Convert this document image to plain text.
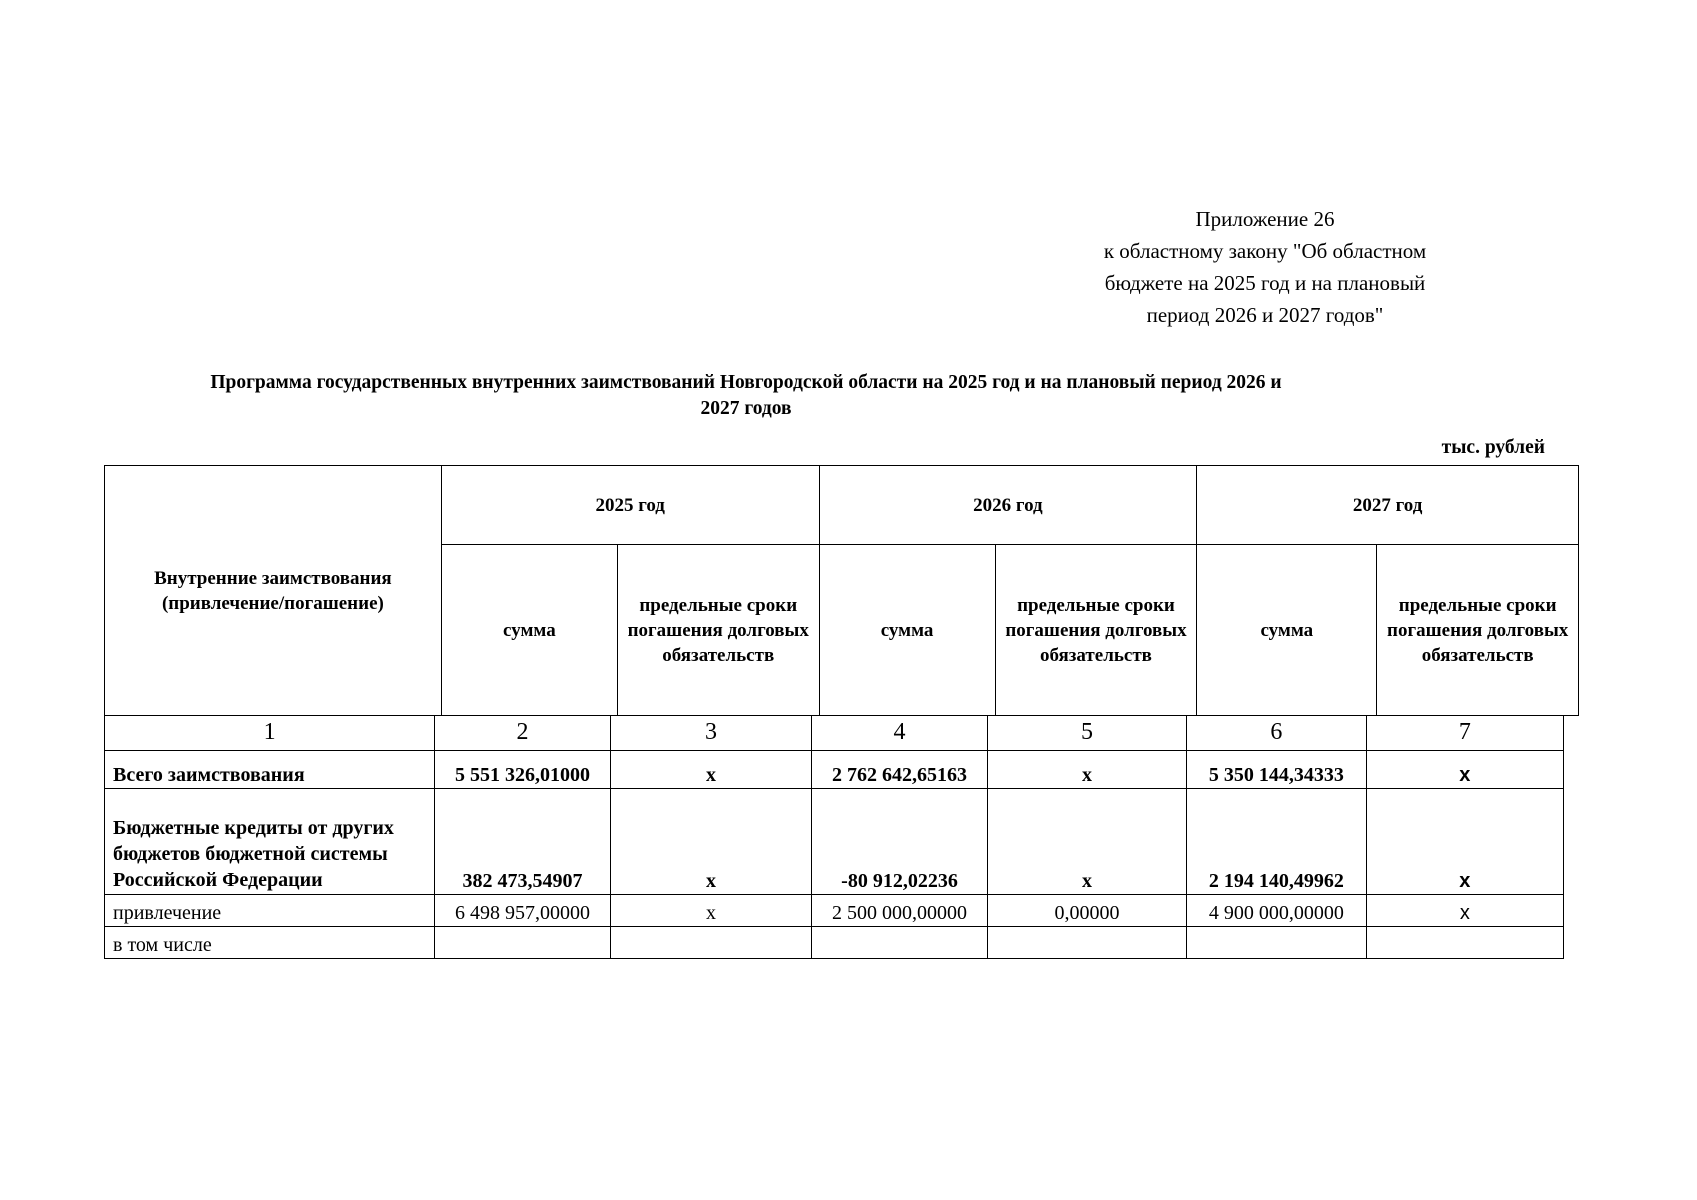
Приложение 26
к областному закону "Об областном
бюджете на 2025 год и на плановый
период 2026 и 2027 годов"
Программа государственных внутренних заимствований Новгородской области на 2025 год и на плановый период 2026 и
2027 годов
тыс. рублей
Внутренние заимствования (привлечение/погашение)	2025 год		2026 год		2027 год	
	сумма	предельные сроки погашения долговых обязательств	сумма	предельные сроки погашения долговых обязательств	сумма	предельные сроки погашения долговых обязательств
1	2	3	4	5	6	7
Всего заимствования	5 551 326,01000	х	2 762 642,65163	х	5 350 144,34333	х
Бюджетные кредиты от других бюджетов бюджетной системы Российской Федерации	382 473,54907	х	-80 912,02236	х	2 194 140,49962	х
привлечение	6 498 957,00000	х	2 500 000,00000	0,00000	4 900 000,00000	х
в том числе						
